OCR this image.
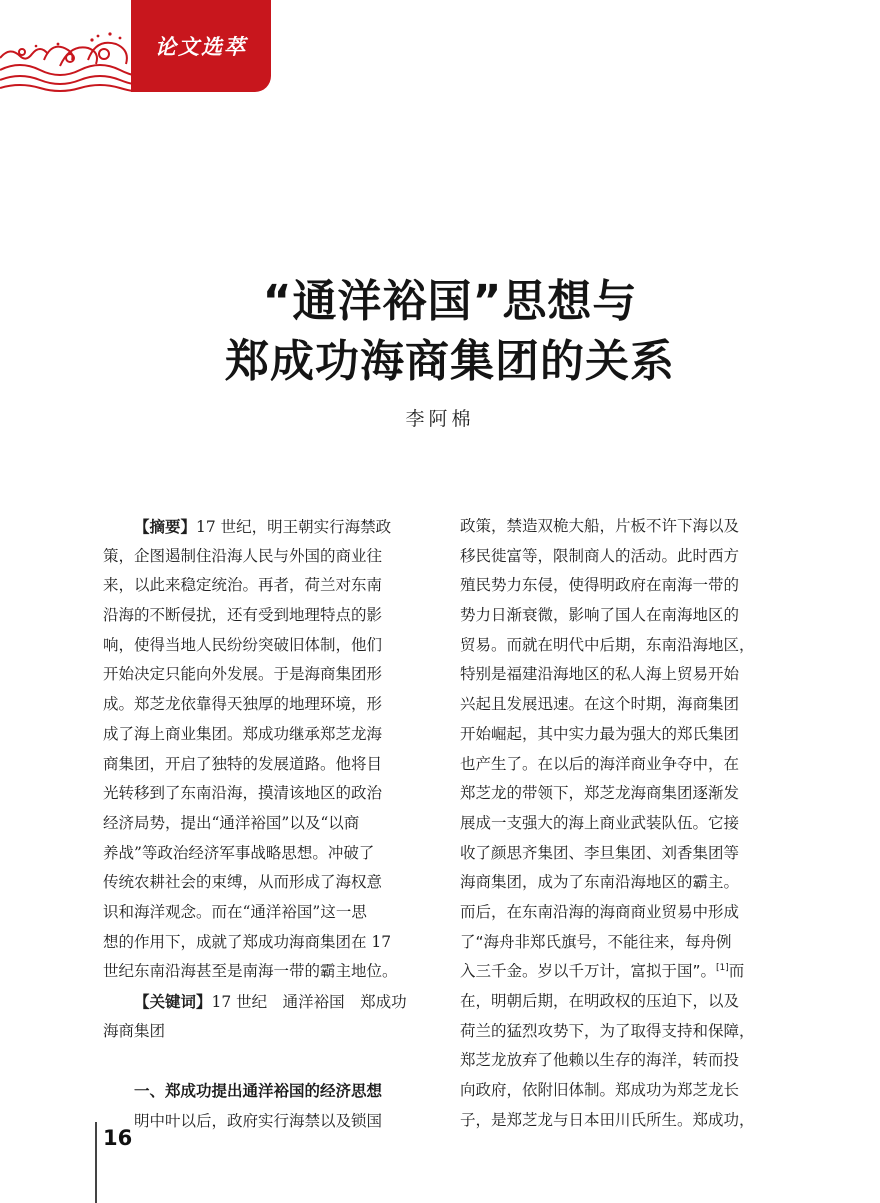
论文选萃
“通洋裕国”思想与
郑成功海商集团的关系
李阿棉
【摘要】17 世纪，明王朝实行海禁政
策，企图遏制住沿海人民与外国的商业往
来，以此来稳定统治。再者，荷兰对东南
沿海的不断侵扰，还有受到地理特点的影
响，使得当地人民纷纷突破旧体制，他们
开始决定只能向外发展。于是海商集团形
成。郑芝龙依靠得天独厚的地理环境，形
成了海上商业集团。郑成功继承郑芝龙海
商集团，开启了独特的发展道路。他将目
光转移到了东南沿海，摸清该地区的政治
经济局势，提出“通洋裕国”以及“以商
养战”等政治经济军事战略思想。冲破了
传统农耕社会的束缚，从而形成了海权意
识和海洋观念。而在“通洋裕国”这一思
想的作用下，成就了郑成功海商集团在 17
世纪东南沿海甚至是南海一带的霸主地位。
【关键词】17 世纪　通洋裕国　郑成功
海商集团
一、郑成功提出通洋裕国的经济思想
明中叶以后，政府实行海禁以及锁国
政策，禁造双桅大船，片板不许下海以及
移民徙富等，限制商人的活动。此时西方
殖民势力东侵，使得明政府在南海一带的
势力日渐衰微，影响了国人在南海地区的
贸易。而就在明代中后期，东南沿海地区，
特别是福建沿海地区的私人海上贸易开始
兴起且发展迅速。在这个时期，海商集团
开始崛起，其中实力最为强大的郑氏集团
也产生了。在以后的海洋商业争夺中，在
郑芝龙的带领下，郑芝龙海商集团逐渐发
展成一支强大的海上商业武装队伍。它接
收了颜思齐集团、李旦集团、刘香集团等
海商集团，成为了东南沿海地区的霸主。
而后，在东南沿海的海商商业贸易中形成
了“海舟非郑氏旗号，不能往来，每舟例
入三千金。岁以千万计，富拟于国”。[1]而
在，明朝后期，在明政权的压迫下，以及
荷兰的猛烈攻势下，为了取得支持和保障，
郑芝龙放弃了他赖以生存的海洋，转而投
向政府，依附旧体制。郑成功为郑芝龙长
子，是郑芝龙与日本田川氏所生。郑成功，
16
